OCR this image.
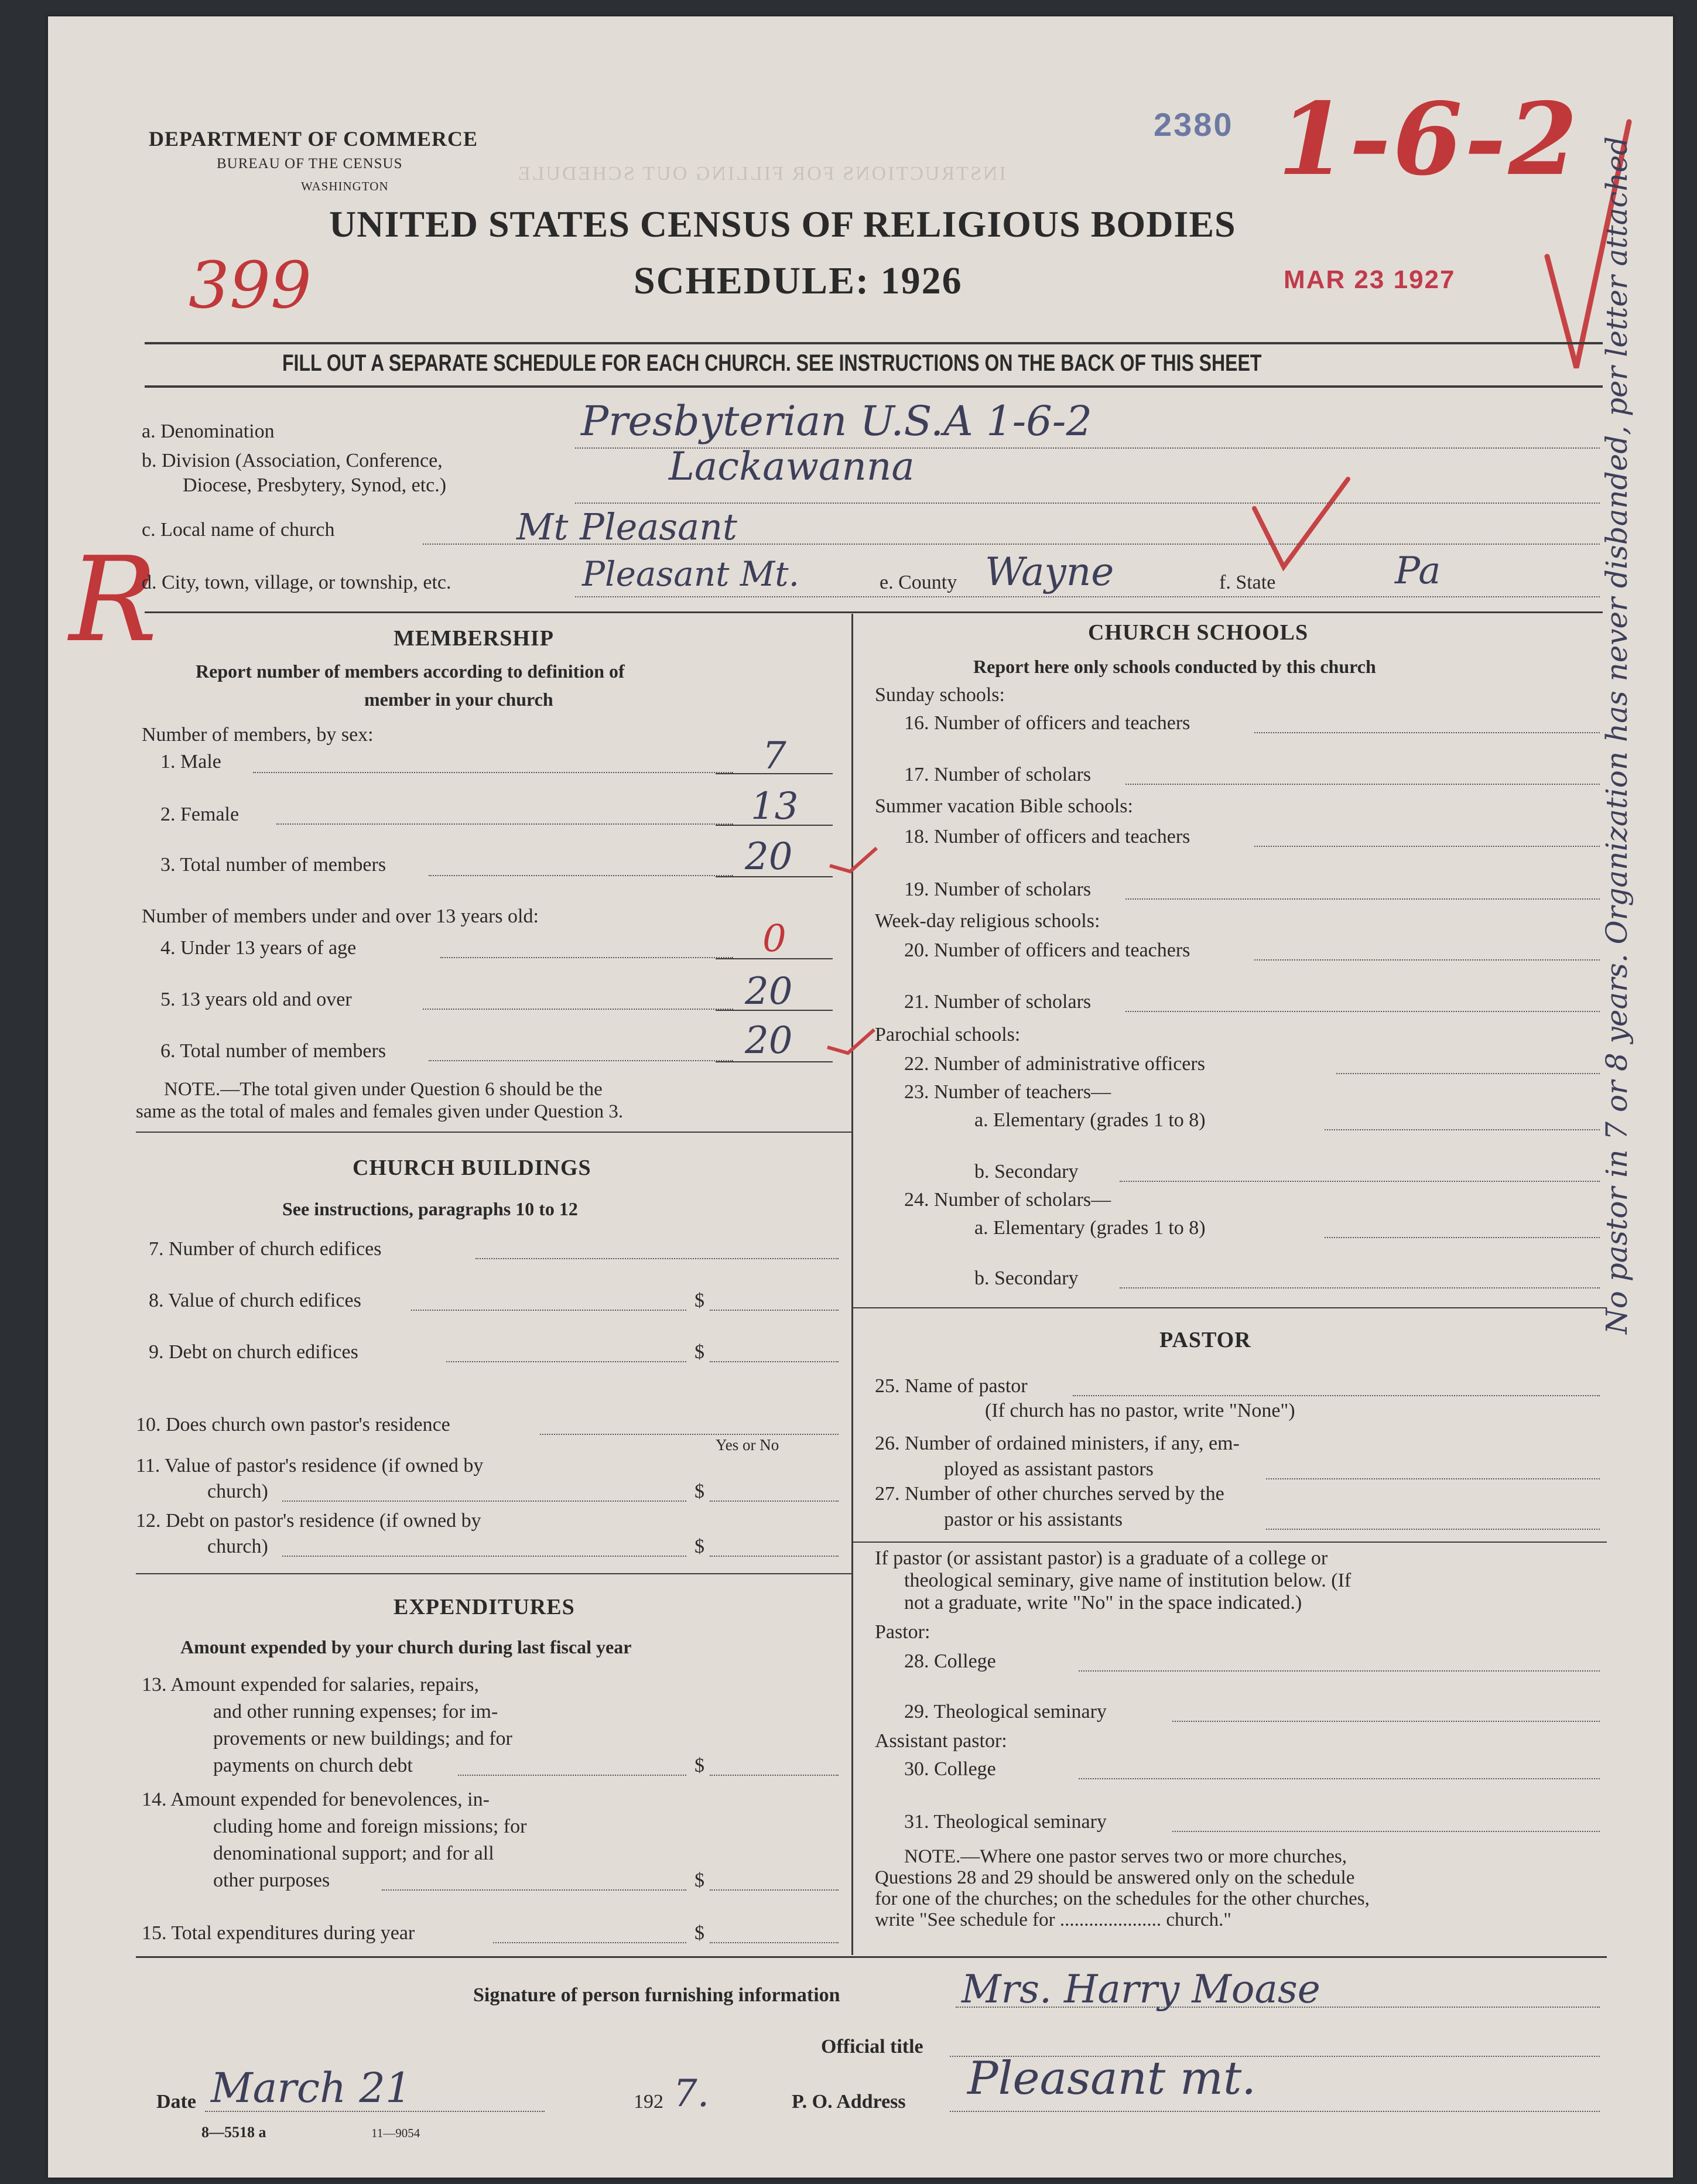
INSTRUCTIONS FOR FILLING OUT SCHEDULE
DEPARTMENT OF COMMERCE
BUREAU OF THE CENSUS
WASHINGTON
UNITED STATES CENSUS OF RELIGIOUS BODIES
SCHEDULE: 1926
2380 1-6-2
399	MAR 23 1927
R	No pastor in 7 or 8 years. Organization has never disbanded, per letter attached
FILL OUT A SEPARATE SCHEDULE FOR EACH CHURCH. SEE INSTRUCTIONS ON THE BACK OF THIS SHEET
a. Denomination	Presbyterian U.S.A 1-6-2
b. Division (Association, Conference,
Diocese, Presbytery, Synod, etc.)	Lackawanna
c. Local name of church	Mt Pleasant
d. City, town, village, or township, etc.	Pleasant Mt.	e. County Wayne	f. State	Pa
MEMBERSHIP
Report number of members according to definition of
member in your church
Number of members, by sex:
1. Male	7
2. Female	13
3. Total number of members	20
Number of members under and over 13 years old:
4. Under 13 years of age	0
5. 13 years old and over	20
6. Total number of members	20
NOTE.—The total given under Question 6 should be the
same as the total of males and females given under Question 3.
CHURCH BUILDINGS
See instructions, paragraphs 10 to 12
7. Number of church edifices
8. Value of church edifices	$
9. Debt on church edifices	$
10. Does church own pastor's residence
Yes or No
11. Value of pastor's residence (if owned by
church)	$
12. Debt on pastor's residence (if owned by
church)	$
EXPENDITURES
Amount expended by your church during last fiscal year
13. Amount expended for salaries, repairs,
and other running expenses; for im-
provements or new buildings; and for
payments on church debt	$
14. Amount expended for benevolences, in-
cluding home and foreign missions; for
denominational support; and for all
other purposes	$
15. Total expenditures during year	$
CHURCH SCHOOLS
Report here only schools conducted by this church
Sunday schools:
16. Number of officers and teachers
17. Number of scholars
Summer vacation Bible schools:
18. Number of officers and teachers
19. Number of scholars
Week-day religious schools:
20. Number of officers and teachers
21. Number of scholars
Parochial schools:
22. Number of administrative officers
23. Number of teachers—
a. Elementary (grades 1 to 8)
b. Secondary
24. Number of scholars—
a. Elementary (grades 1 to 8)
b. Secondary
PASTOR
25. Name of pastor
(If church has no pastor, write "None")
26. Number of ordained ministers, if any, em-
ployed as assistant pastors
27. Number of other churches served by the
pastor or his assistants
If pastor (or assistant pastor) is a graduate of a college or
theological seminary, give name of institution below. (If
not a graduate, write "No" in the space indicated.)
Pastor:
28. College
29. Theological seminary
Assistant pastor:
30. College
31. Theological seminary
NOTE.—Where one pastor serves two or more churches,
Questions 28 and 29 should be answered only on the schedule
for one of the churches; on the schedules for the other churches,
write "See schedule for ..................... church."
Signature of person furnishing information	Mrs. Harry Moase
Official title
Date March 21	192 7.	P. O. Address Pleasant mt.
8—5518 a	11—9054
